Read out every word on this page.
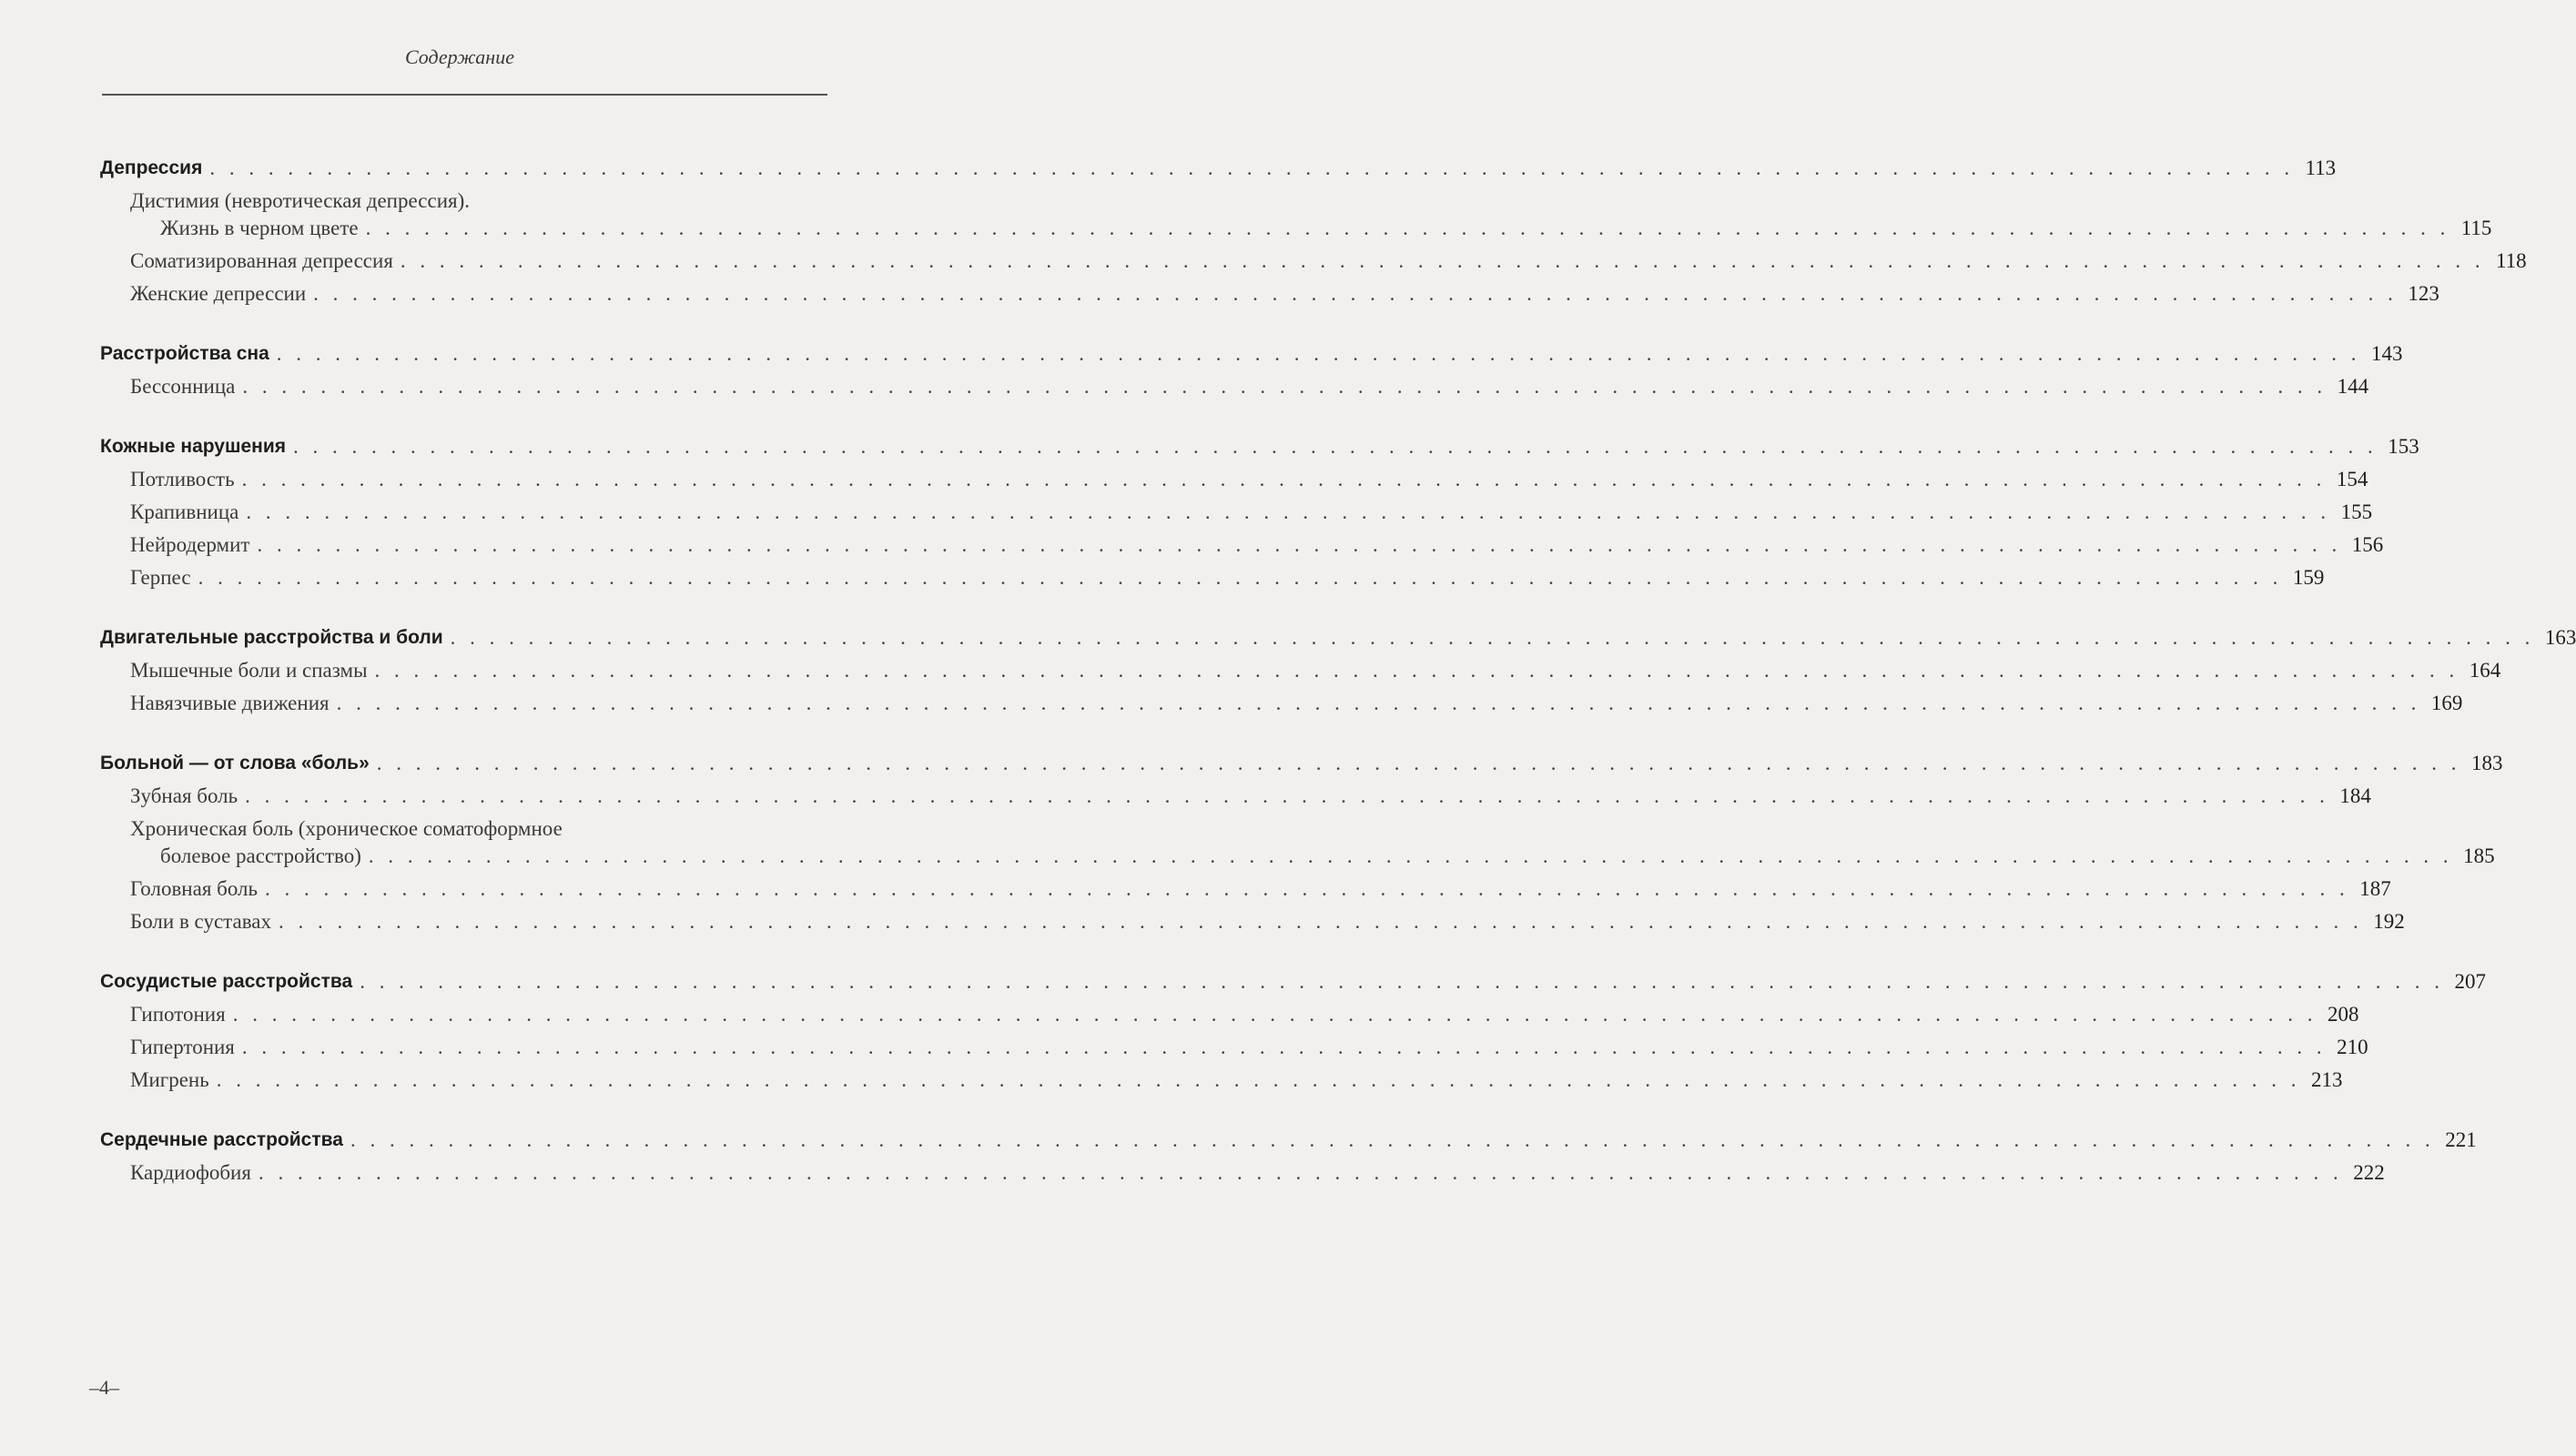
Содержание
Депрессия . . . . . . . . . . . . . . . . . . . . . . . . . . . . . . . . . . . . . . . . . . . . . . . . . . . . . . . . . . . . . . . . . . . . . . . . . . . . . . . . . . . . . . . . . . . . . . . . . . . . . . . . . . . 113
Дистимия (невротическая депрессия).
Жизнь в черном цвете . . . . . . . . . . . . . . . . . . . . . . . . . . . . . . . . . . . . . . . . . . . . . . . . . . . . . . . . . . . . . . . . . . . . . . . . . . . . . . . . . . . . . . . . . . . . . . . . . . . . . . . . . . . 115
Соматизированная депрессия . . . . . . . . . . . . . . . . . . . . . . . . . . . . . . . . . . . . . . . . . . . . . . . . . . . . . . . . . . . . . . . . . . . . . . . . . . . . . . . . . . . . . . . . . . . . . . . . . . . . . . . . . . . 118
Женские депрессии . . . . . . . . . . . . . . . . . . . . . . . . . . . . . . . . . . . . . . . . . . . . . . . . . . . . . . . . . . . . . . . . . . . . . . . . . . . . . . . . . . . . . . . . . . . . . . . . . . . . . . . . . . . 123
Расстройства сна . . . . . . . . . . . . . . . . . . . . . . . . . . . . . . . . . . . . . . . . . . . . . . . . . . . . . . . . . . . . . . . . . . . . . . . . . . . . . . . . . . . . . . . . . . . . . . . . . . . . . . . . . . . 143
Бессонница . . . . . . . . . . . . . . . . . . . . . . . . . . . . . . . . . . . . . . . . . . . . . . . . . . . . . . . . . . . . . . . . . . . . . . . . . . . . . . . . . . . . . . . . . . . . . . . . . . . . . . . . . . . 144
Кожные нарушения . . . . . . . . . . . . . . . . . . . . . . . . . . . . . . . . . . . . . . . . . . . . . . . . . . . . . . . . . . . . . . . . . . . . . . . . . . . . . . . . . . . . . . . . . . . . . . . . . . . . . . . . . . . 153
Потливость . . . . . . . . . . . . . . . . . . . . . . . . . . . . . . . . . . . . . . . . . . . . . . . . . . . . . . . . . . . . . . . . . . . . . . . . . . . . . . . . . . . . . . . . . . . . . . . . . . . . . . . . . . . 154
Крапивница . . . . . . . . . . . . . . . . . . . . . . . . . . . . . . . . . . . . . . . . . . . . . . . . . . . . . . . . . . . . . . . . . . . . . . . . . . . . . . . . . . . . . . . . . . . . . . . . . . . . . . . . . . . 155
Нейродермит . . . . . . . . . . . . . . . . . . . . . . . . . . . . . . . . . . . . . . . . . . . . . . . . . . . . . . . . . . . . . . . . . . . . . . . . . . . . . . . . . . . . . . . . . . . . . . . . . . . . . . . . . . . 156
Герпес . . . . . . . . . . . . . . . . . . . . . . . . . . . . . . . . . . . . . . . . . . . . . . . . . . . . . . . . . . . . . . . . . . . . . . . . . . . . . . . . . . . . . . . . . . . . . . . . . . . . . . . . . . . 159
Двигательные расстройства и боли . . . . . . . . . . . . . . . . . . . . . . . . . . . . . . . . . . . . . . . . . . . . . . . . . . . . . . . . . . . . . . . . . . . . . . . . . . . . . . . . . . . . . . . . . . . . . . . . . . . . . . . . . . . 163
Мышечные боли и спазмы . . . . . . . . . . . . . . . . . . . . . . . . . . . . . . . . . . . . . . . . . . . . . . . . . . . . . . . . . . . . . . . . . . . . . . . . . . . . . . . . . . . . . . . . . . . . . . . . . . . . . . . . . . . 164
Навязчивые движения . . . . . . . . . . . . . . . . . . . . . . . . . . . . . . . . . . . . . . . . . . . . . . . . . . . . . . . . . . . . . . . . . . . . . . . . . . . . . . . . . . . . . . . . . . . . . . . . . . . . . . . . . . . 169
Больной — от слова «боль» . . . . . . . . . . . . . . . . . . . . . . . . . . . . . . . . . . . . . . . . . . . . . . . . . . . . . . . . . . . . . . . . . . . . . . . . . . . . . . . . . . . . . . . . . . . . . . . . . . . . . . . . . . . 183
Зубная боль . . . . . . . . . . . . . . . . . . . . . . . . . . . . . . . . . . . . . . . . . . . . . . . . . . . . . . . . . . . . . . . . . . . . . . . . . . . . . . . . . . . . . . . . . . . . . . . . . . . . . . . . . . . 184
Хроническая боль (хроническое соматоформное
болевое расстройство) . . . . . . . . . . . . . . . . . . . . . . . . . . . . . . . . . . . . . . . . . . . . . . . . . . . . . . . . . . . . . . . . . . . . . . . . . . . . . . . . . . . . . . . . . . . . . . . . . . . . . . . . . . . 185
Головная боль . . . . . . . . . . . . . . . . . . . . . . . . . . . . . . . . . . . . . . . . . . . . . . . . . . . . . . . . . . . . . . . . . . . . . . . . . . . . . . . . . . . . . . . . . . . . . . . . . . . . . . . . . . . 187
Боли в суставах . . . . . . . . . . . . . . . . . . . . . . . . . . . . . . . . . . . . . . . . . . . . . . . . . . . . . . . . . . . . . . . . . . . . . . . . . . . . . . . . . . . . . . . . . . . . . . . . . . . . . . . . . . . 192
Сосудистые расстройства . . . . . . . . . . . . . . . . . . . . . . . . . . . . . . . . . . . . . . . . . . . . . . . . . . . . . . . . . . . . . . . . . . . . . . . . . . . . . . . . . . . . . . . . . . . . . . . . . . . . . . . . . . . 207
Гипотония . . . . . . . . . . . . . . . . . . . . . . . . . . . . . . . . . . . . . . . . . . . . . . . . . . . . . . . . . . . . . . . . . . . . . . . . . . . . . . . . . . . . . . . . . . . . . . . . . . . . . . . . . . . 208
Гипертония . . . . . . . . . . . . . . . . . . . . . . . . . . . . . . . . . . . . . . . . . . . . . . . . . . . . . . . . . . . . . . . . . . . . . . . . . . . . . . . . . . . . . . . . . . . . . . . . . . . . . . . . . . . 210
Мигрень . . . . . . . . . . . . . . . . . . . . . . . . . . . . . . . . . . . . . . . . . . . . . . . . . . . . . . . . . . . . . . . . . . . . . . . . . . . . . . . . . . . . . . . . . . . . . . . . . . . . . . . . . . . 213
Сердечные расстройства . . . . . . . . . . . . . . . . . . . . . . . . . . . . . . . . . . . . . . . . . . . . . . . . . . . . . . . . . . . . . . . . . . . . . . . . . . . . . . . . . . . . . . . . . . . . . . . . . . . . . . . . . . . 221
Кардиофобия . . . . . . . . . . . . . . . . . . . . . . . . . . . . . . . . . . . . . . . . . . . . . . . . . . . . . . . . . . . . . . . . . . . . . . . . . . . . . . . . . . . . . . . . . . . . . . . . . . . . . . . . . . . 222
–4–
